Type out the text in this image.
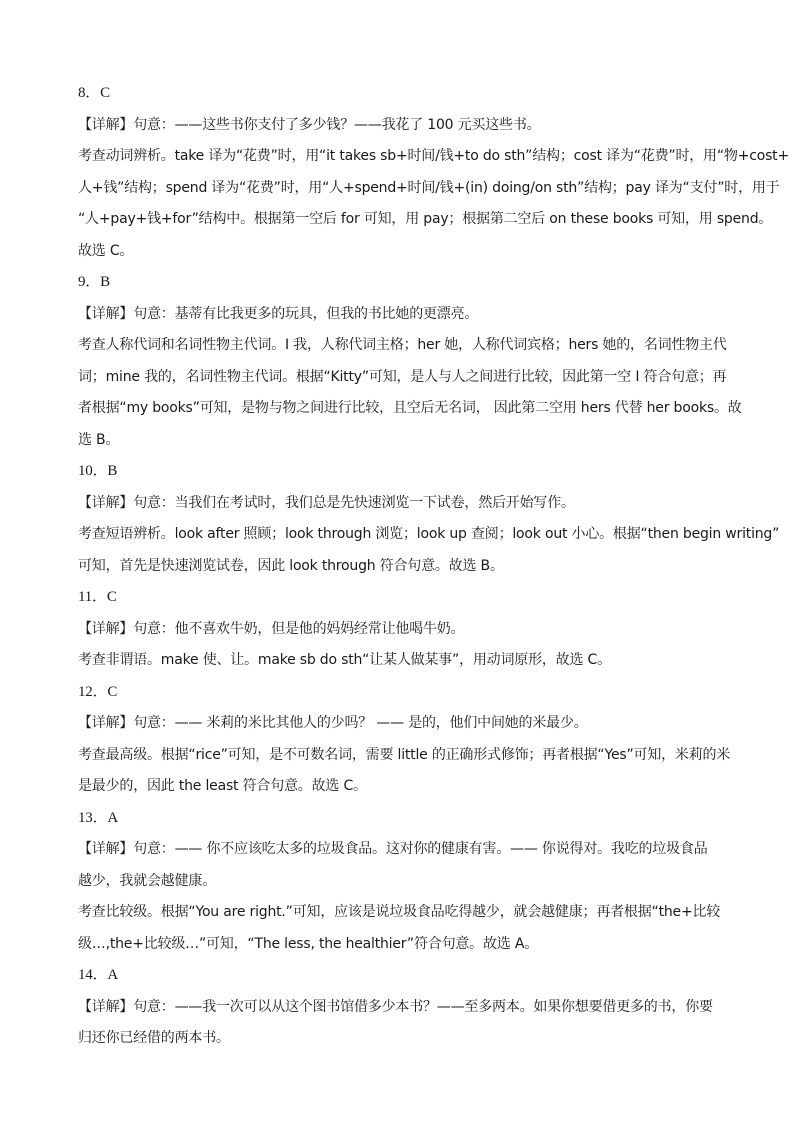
8．C
【详解】句意：——这些书你支付了多少钱？——我花了 100 元买这些书。
考查动词辨析。take 译为“花费”时，用“it takes sb+时间/钱+to do sth”结构；cost 译为“花费”时，用“物+cost+
人+钱”结构；spend 译为“花费”时，用“人+spend+时间/钱+(in) doing/on sth”结构；pay 译为“支付”时，用于
“人+pay+钱+for”结构中。根据第一空后 for 可知，用 pay；根据第二空后 on these books 可知，用 spend。
故选 C。
9．B
【详解】句意：基蒂有比我更多的玩具，但我的书比她的更漂亮。
考查人称代词和名词性物主代词。I 我，人称代词主格；her 她，人称代词宾格；hers 她的，名词性物主代
词；mine 我的，名词性物主代词。根据“Kitty”可知，是人与人之间进行比较，因此第一空 I 符合句意；再
者根据“my books”可知，是物与物之间进行比较，且空后无名词， 因此第二空用 hers 代替 her books。故
选 B。
10．B
【详解】句意：当我们在考试时，我们总是先快速浏览一下试卷，然后开始写作。
考查短语辨析。look after 照顾；look through 浏览；look up 查阅；look out 小心。根据“then begin writing”
可知，首先是快速浏览试卷，因此 look through 符合句意。故选 B。
11．C
【详解】句意：他不喜欢牛奶，但是他的妈妈经常让他喝牛奶。
考查非谓语。make 使、让。make sb do sth“让某人做某事”，用动词原形，故选 C。
12．C
【详解】句意：—— 米莉的米比其他人的少吗？ —— 是的，他们中间她的米最少。
考查最高级。根据“rice”可知，是不可数名词，需要 little 的正确形式修饰；再者根据“Yes”可知，米莉的米
是最少的，因此 the least 符合句意。故选 C。
13．A
【详解】句意：—— 你不应该吃太多的垃圾食品。这对你的健康有害。—— 你说得对。我吃的垃圾食品
越少，我就会越健康。
考查比较级。根据“You are right.”可知，应该是说垃圾食品吃得越少，就会越健康；再者根据“the+比较
级…,the+比较级…”可知，“The less, the healthier”符合句意。故选 A。
14．A
【详解】句意：——我一次可以从这个图书馆借多少本书？——至多两本。如果你想要借更多的书，你要
归还你已经借的两本书。
